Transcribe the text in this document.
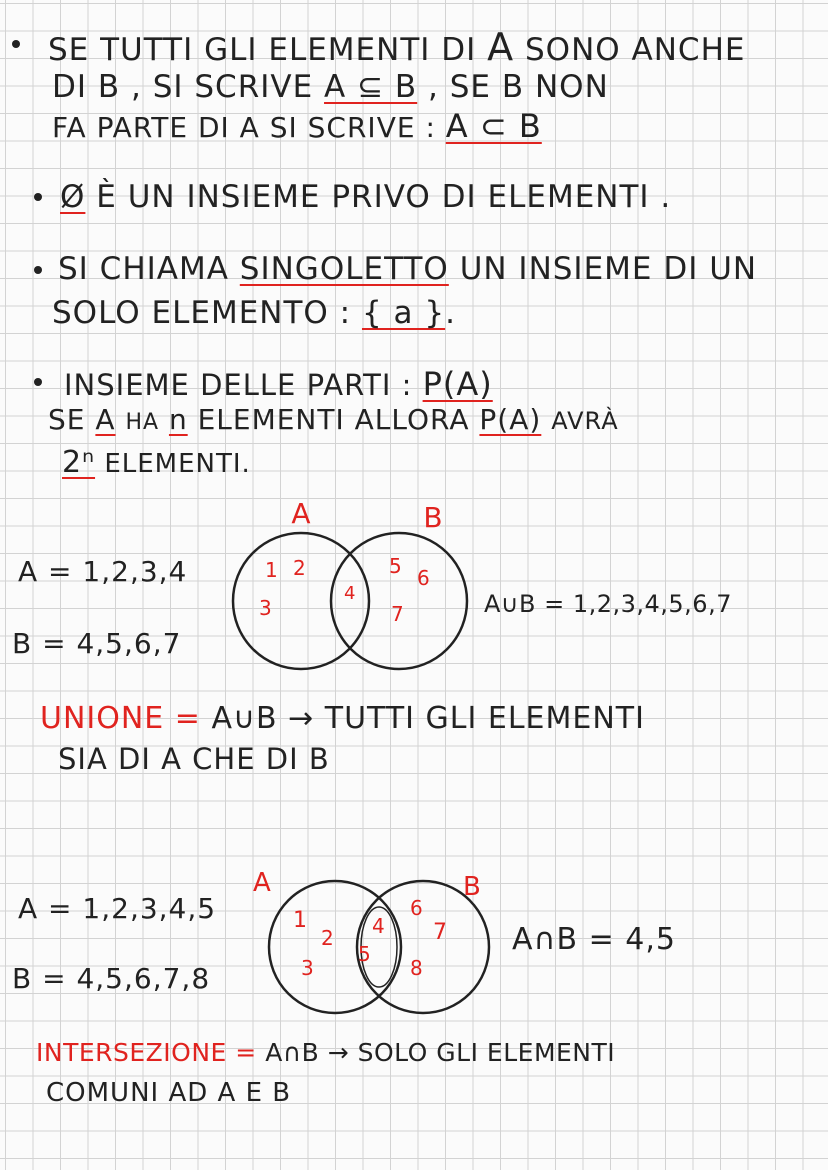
SE TUTTI GLI ELEMENTI DI A SONO ANCHE
DI B , SI SCRIVE A ⊆ B , SE B NON
FA PARTE DI A SI SCRIVE : A ⊂ B
Ø È UN INSIEME PRIVO DI ELEMENTI .
SI CHIAMA SINGOLETTO UN INSIEME DI UN
SOLO ELEMENTO : { a }.
INSIEME DELLE PARTI : P(A)
SE A HA n ELEMENTI ALLORA P(A) AVRÀ
2ⁿ ELEMENTI.
A = 1,2,3,4
B = 4,5,6,7
A	B
1 2
3
4
5 6
7	A∪B = 1,2,3,4,5,6,7
UNIONE = A∪B → TUTTI GLI ELEMENTI
SIA DI A CHE DI B
A = 1,2,3,4,5
B = 4,5,6,7,8
A	B
1
2
3
4
5
6
7
8
A∩B = 4,5
INTERSEZIONE = A∩B → SOLO GLI ELEMENTI
COMUNI AD A E B
